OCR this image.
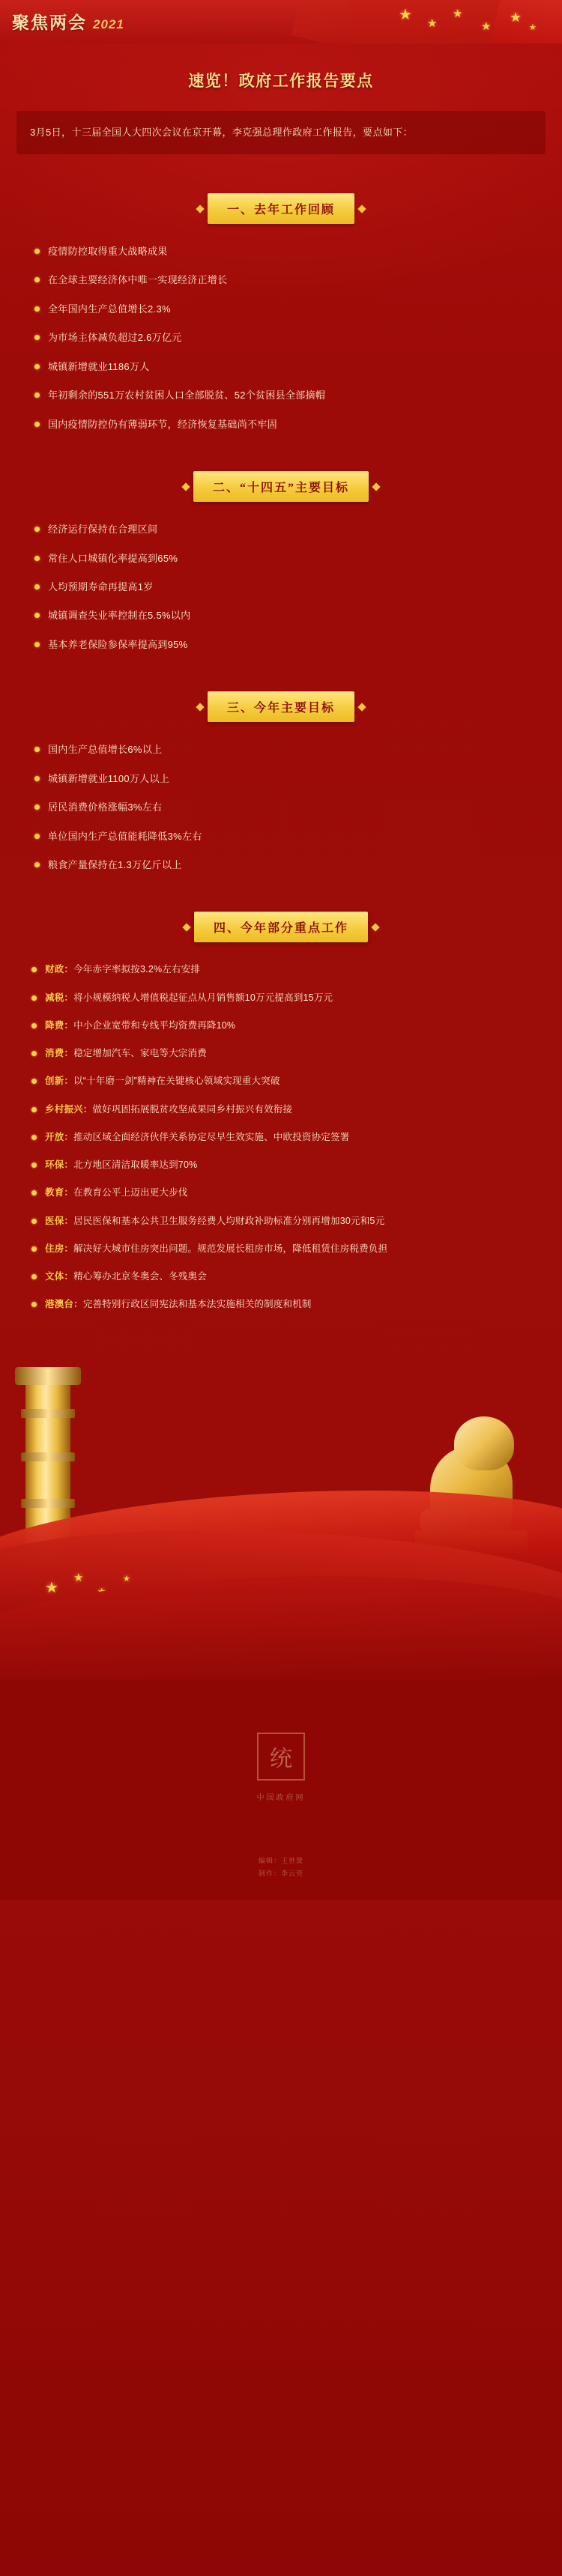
聚焦两会 2021
★
★
★
★
★
★
速览！政府工作报告要点
3月5日，十三届全国人大四次会议在京开幕，李克强总理作政府工作报告，要点如下：
一、去年工作回顾
疫情防控取得重大战略成果
在全球主要经济体中唯一实现经济正增长
全年国内生产总值增长2.3%
为市场主体减负超过2.6万亿元
城镇新增就业1186万人
年初剩余的551万农村贫困人口全部脱贫、52个贫困县全部摘帽
国内疫情防控仍有薄弱环节，经济恢复基础尚不牢固
二、“十四五”主要目标
经济运行保持在合理区间
常住人口城镇化率提高到65%
人均预期寿命再提高1岁
城镇调查失业率控制在5.5%以内
基本养老保险参保率提高到95%
三、今年主要目标
国内生产总值增长6%以上
城镇新增就业1100万人以上
居民消费价格涨幅3%左右
单位国内生产总值能耗降低3%左右
粮食产量保持在1.3万亿斤以上
四、今年部分重点工作
财政：今年赤字率拟按3.2%左右安排
减税：将小规模纳税人增值税起征点从月销售额10万元提高到15万元
降费：中小企业宽带和专线平均资费再降10%
消费：稳定增加汽车、家电等大宗消费
创新：以“十年磨一剑”精神在关键核心领域实现重大突破
乡村振兴：做好巩固拓展脱贫攻坚成果同乡村振兴有效衔接
开放：推动区域全面经济伙伴关系协定尽早生效实施、中欧投资协定签署
环保：北方地区清洁取暖率达到70%
教育：在教育公平上迈出更大步伐
医保：居民医保和基本公共卫生服务经费人均财政补助标准分别再增加30元和5元
住房：解决好大城市住房突出问题。规范发展长租房市场，降低租赁住房税费负担
文体：精心筹办北京冬奥会、冬残奥会
港澳台：完善特别行政区同宪法和基本法实施相关的制度和机制
★
★	★
统
中国政府网
编辑：王世贤
制作：李云莞
